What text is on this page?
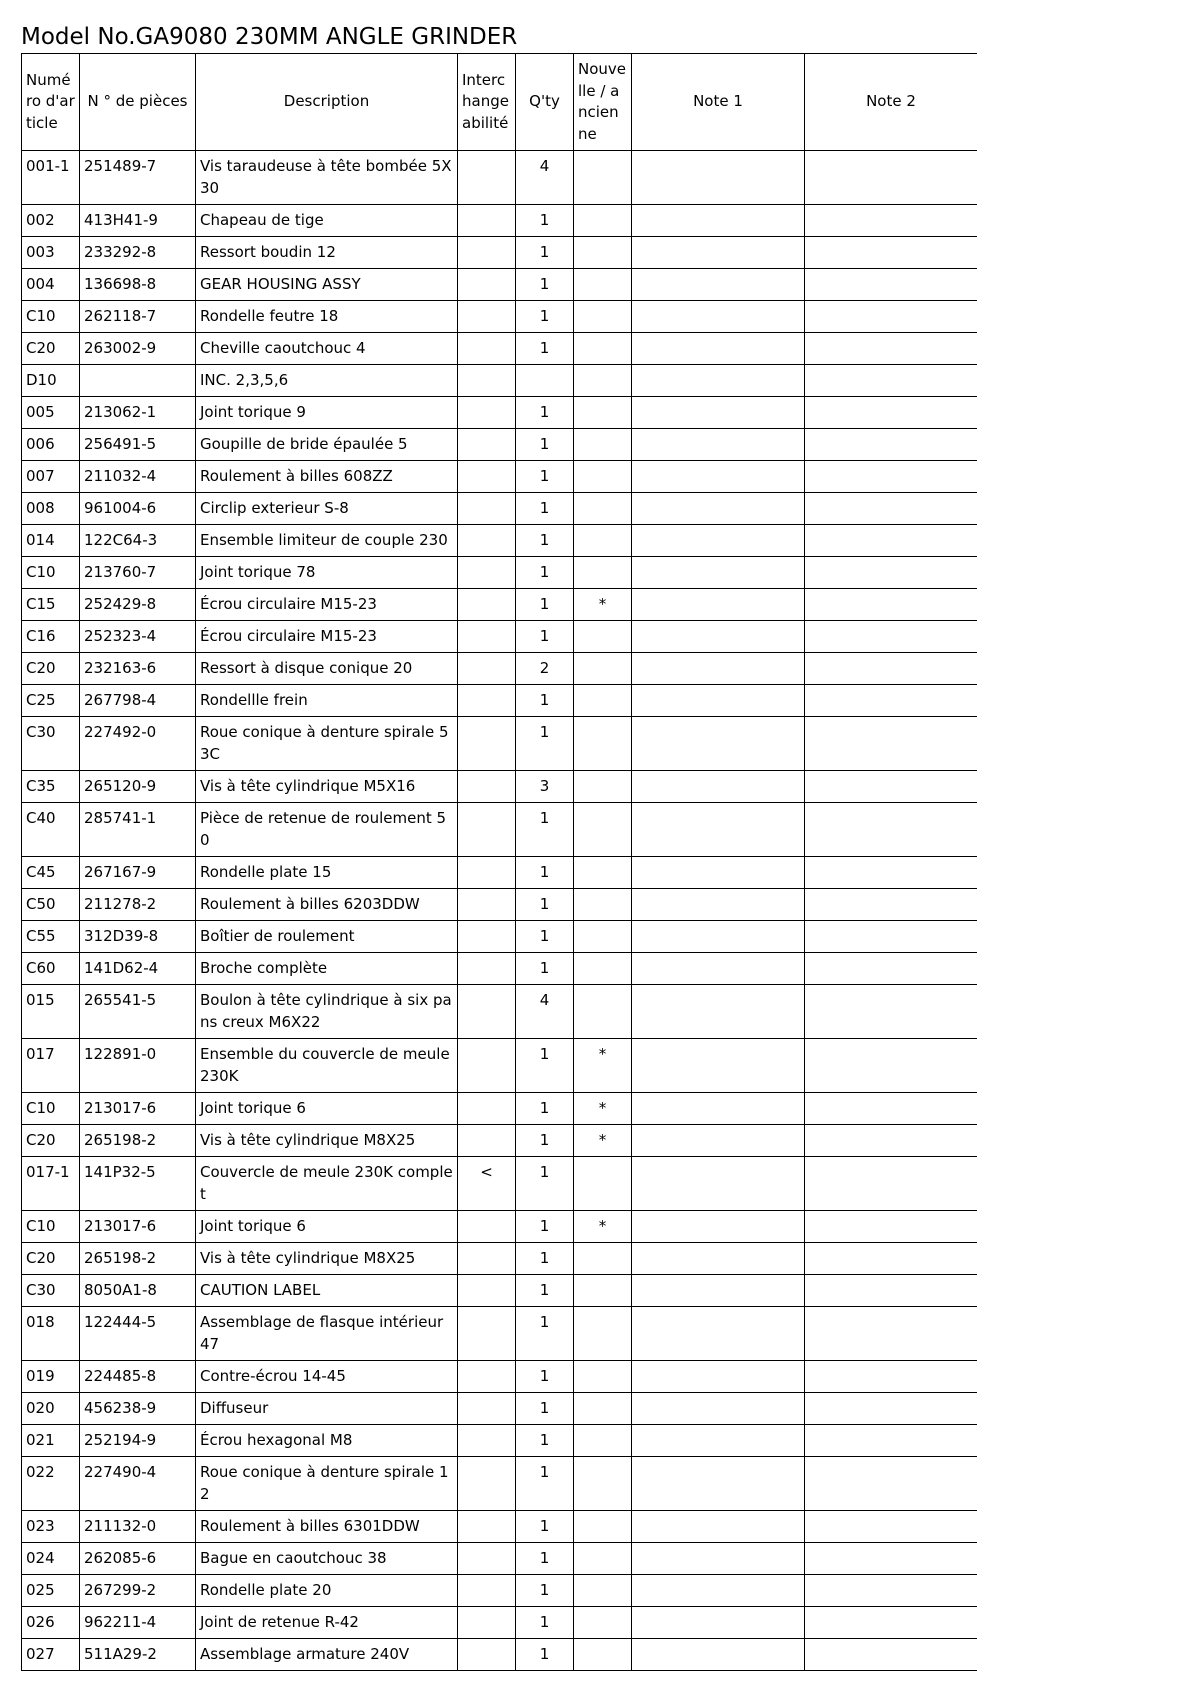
Model No.GA9080 230MM ANGLE GRINDER
Numéro d'article	N ° de pièces	Description	Interchangeabilité	Q'ty	Nouvelle / ancienne	Note 1	Note 2
001-1	251489-7	Vis taraudeuse à tête bombée 5X30		4			
002	413H41-9	Chapeau de tige		1			
003	233292-8	Ressort boudin 12		1			
004	136698-8	GEAR HOUSING ASSY		1			
C10	262118-7	Rondelle feutre 18		1			
C20	263002-9	Cheville caoutchouc 4		1			
D10		INC. 2,3,5,6					
005	213062-1	Joint torique 9		1			
006	256491-5	Goupille de bride épaulée 5		1			
007	211032-4	Roulement à billes 608ZZ		1			
008	961004-6	Circlip exterieur S-8		1			
014	122C64-3	Ensemble limiteur de couple 230		1			
C10	213760-7	Joint torique 78		1			
C15	252429-8	Écrou circulaire M15-23		1	*		
C16	252323-4	Écrou circulaire M15-23		1			
C20	232163-6	Ressort à disque conique 20		2			
C25	267798-4	Rondellle frein		1			
C30	227492-0	Roue conique à denture spirale 53C		1			
C35	265120-9	Vis à tête cylindrique M5X16		3			
C40	285741-1	Pièce de retenue de roulement 50		1			
C45	267167-9	Rondelle plate 15		1			
C50	211278-2	Roulement à billes 6203DDW		1			
C55	312D39-8	Boîtier de roulement		1			
C60	141D62-4	Broche complète		1			
015	265541-5	Boulon à tête cylindrique à six pans creux M6X22		4			
017	122891-0	Ensemble du couvercle de meule 230K		1	*		
C10	213017-6	Joint torique 6		1	*		
C20	265198-2	Vis à tête cylindrique M8X25		1	*		
017-1	141P32-5	Couvercle de meule 230K complet	<	1			
C10	213017-6	Joint torique 6		1	*		
C20	265198-2	Vis à tête cylindrique M8X25		1			
C30	8050A1-8	CAUTION LABEL		1			
018	122444-5	Assemblage de flasque intérieur 47		1			
019	224485-8	Contre-écrou 14-45		1			
020	456238-9	Diffuseur		1			
021	252194-9	Écrou hexagonal M8		1			
022	227490-4	Roue conique à denture spirale 12		1			
023	211132-0	Roulement à billes 6301DDW		1			
024	262085-6	Bague en caoutchouc 38		1			
025	267299-2	Rondelle plate 20		1			
026	962211-4	Joint de retenue R-42		1			
027	511A29-2	Assemblage armature 240V		1			
